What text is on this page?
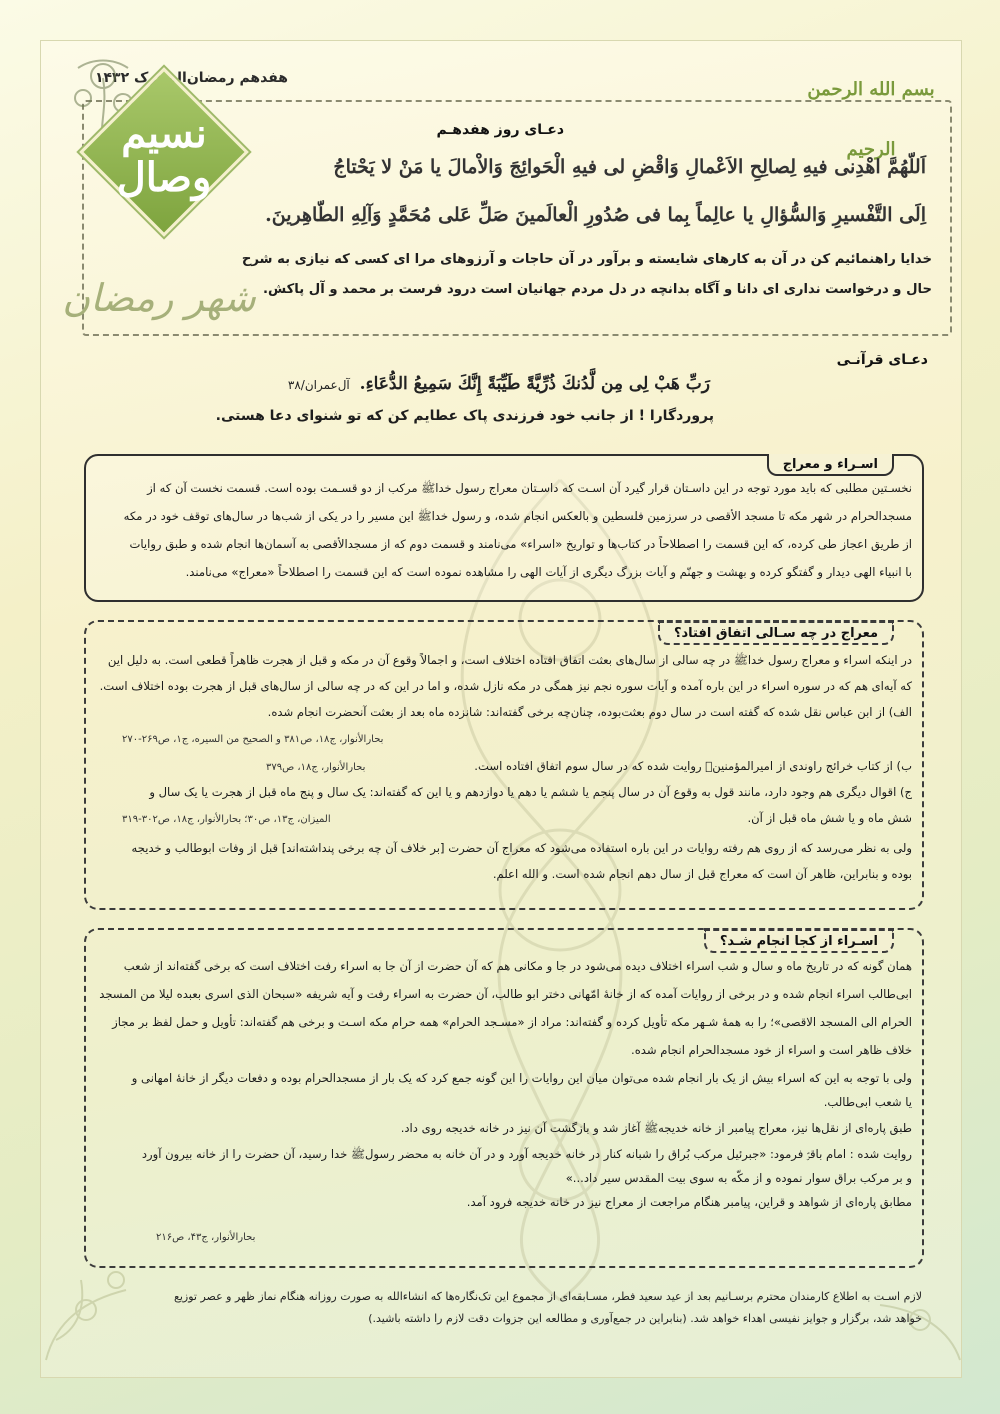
هفدهم رمضان‌المبارک ۱۴۳۲
بسم الله الرحمن الرحیم
نسیم وصال
شهر رمضان
دعـای روز هفدهـم
اَللّهُمَّ اهْدِنى فيهِ لِصالِحِ الاَعْمالِ وَاقْضِ لى فيهِ الْحَوائِجَ وَالاْمالَ يا مَنْ لا يَحْتاجُ
اِلَى التَّفْسيرِ وَالسُّؤالِ يا عالِماً بِما فى صُدُورِ الْعالَمينَ صَلِّ عَلى مُحَمَّدٍ وَآلِهِ الطّاهِرينَ.
خدایا راهنمائیم کن در آن به کارهای شایسته و برآور در آن حاجات و آرزوهای مرا ای کسی که نیازی به شرح
حال و درخواست نداری ای دانا و آگاه بدانچه در دل مردم جهانیان است درود فرست بر محمد و آل پاکش.
دعـای قرآنـی
رَبِّ هَبْ لِى مِن لَّدُنكَ ذُرِّيَّةً طَيِّبَةً إِنَّكَ سَمِيعُ الدُّعَاءِ. آل‌عمران/۳۸
پروردگارا ! از جانب خود فرزندی پاک عطایم کن که تو شنوای دعا هستی.
اسـراء و معراج
نخسـتین مطلبی که باید مورد توجه در این داسـتان قرار گیرد آن اسـت که داسـتان معراج رسول خداﷺ مرکب از دو قسـمت بوده است. قسمت نخست آن که از
مسجدالحرام در شهر مکه تا مسجد الأقصی در سرزمین فلسطین و بالعکس انجام شده، و رسول خداﷺ این مسیر را در یکی از شب‌ها در سال‌های توقف خود در مکه
از طریق اعجاز طی کرده، که این قسمت را اصطلاحاً در کتاب‌ها و تواریخ «اسراء» می‌نامند و قسمت دوم که از مسجدالأقصی به آسمان‌ها انجام شده و طبق روایات
با انبیاء الهی دیدار و گفتگو کرده و بهشت و جهنّم و آیات بزرگ دیگری از آیات الهی را مشاهده نموده است که این قسمت را اصطلاحاً «معراج» می‌نامند.
معراج در چه سـالی اتفاق افتاد؟
در اینکه اسراء و معراج رسول خداﷺ در چه سالی از سال‌های بعثت اتفاق افتاده اختلاف است، و اجمالاً وقوع آن در مکه و قبل از هجرت ظاهراً قطعی است. به دلیل این
که آیه‌ای هم که در سوره اسراء در این باره آمده و آیات سوره نجم نیز همگی در مکه نازل شده، و اما در این که در چه سالی از سال‌های قبل از هجرت بوده اختلاف است.
الف) از ابن عباس نقل شده که گفته است در سال دوم بعثت‌بوده، چنان‌چه برخی گفته‌اند: شانزده ماه بعد از بعثت آنحضرت انجام شده.
بحارالأنوار، ج۱۸، ص۳۸۱ و الصحیح من السیره، ج۱، ص۲۶۹-۲۷۰
بحارالأنوار، ج۱۸، ص۳۷۹	ب) از کتاب خرائج راوندی از امیرالمؤمنینؑ روایت شده که در سال سوم اتفاق افتاده است.
ج) اقوال دیگری هم وجود دارد، مانند قول به وقوع آن در سال پنجم یا ششم یا دهم یا دوازدهم و یا این که گفته‌اند: یک سال و پنج ماه قبل از هجرت یا یک سال و
المیزان، ج۱۳، ص۳۰؛ بحارالأنوار، ج۱۸، ص۳۰۲-۳۱۹	شش ماه و یا شش ماه قبل از آن.
ولی به نظر می‌رسد که از روی هم رفته روایات در این باره استفاده می‌شود که معراج آن حضرت [بر خلاف آن چه برخی پنداشته‌اند] قبل از وفات ابوطالب و خدیجه
بوده و بنابراین، ظاهر آن است که معراج قبل از سال دهم انجام شده است. و الله اعلم.
اسـراء از کجا انجام شـد؟
همان گونه که در تاریخ ماه و سال و شب اسراء اختلاف دیده می‌شود در جا و مکانی هم که آن حضرت از آن جا به اسراء رفت اختلاف است که برخی گفته‌اند از شعب
ابی‌طالب اسراء انجام شده و در برخی از روایات آمده که از خانهٔ امّهانی دختر ابو طالب، آن حضرت به اسراء رفت و آیه شریفه «سبحان الذی اسری بعبده لیلا من المسجد
الحرام الی المسجد الاقصی»؛ را به همهٔ شـهر مکه تأویل کرده و گفته‌اند: مراد از «مسـجد الحرام» همه حرام مکه اسـت و برخی هم گفته‌اند: تأویل و حمل لفظ بر مجاز
خلاف ظاهر است و اسراء از خود مسجدالحرام انجام شده.
ولی با توجه به این که اسراء بیش از یک بار انجام شده می‌توان میان این روایات را این گونه جمع کرد که یک بار از مسجدالحرام بوده و دفعات دیگر از خانهٔ امهانی و
یا شعب ابی‌طالب.
طبق پاره‌ای از نقل‌ها نیز، معراج پیامبر از خانه خدیجهﷺ آغاز شد و بازگشت آن نیز در خانه خدیجه روی داد.
روایت شده : امام باقرؑ فرمود: «جبرئیل مرکب بُراق را شبانه کنار در خانه خدیجه آورد و در آن خانه به محضر رسول‌ﷺ خدا رسید، آن حضرت را از خانه بیرون آورد
و بر مرکب براق سوار نموده و از مکّه به سوی بیت المقدس سیر داد...»
مطابق پاره‌ای از شواهد و قراین، پیامبر هنگام مراجعت از معراج نیز در خانه خدیجه فرود آمد.
بحارالأنوار، ج۴۳، ص۲۱۶
لازم اسـت به اطلاع کارمندان محترم برسـانیم بعد از عید سعید فطر، مسـابقه‌ای از مجموع این تک‌نگاره‌ها که انشاءالله به صورت روزانه هنگام نماز ظهر و عصر توزیع
خواهد شد، برگزار و جوایز نفیسی اهداء خواهد شد. (بنابراین در جمع‌آوری و مطالعه این جزوات دقت لازم را داشته باشید.)
